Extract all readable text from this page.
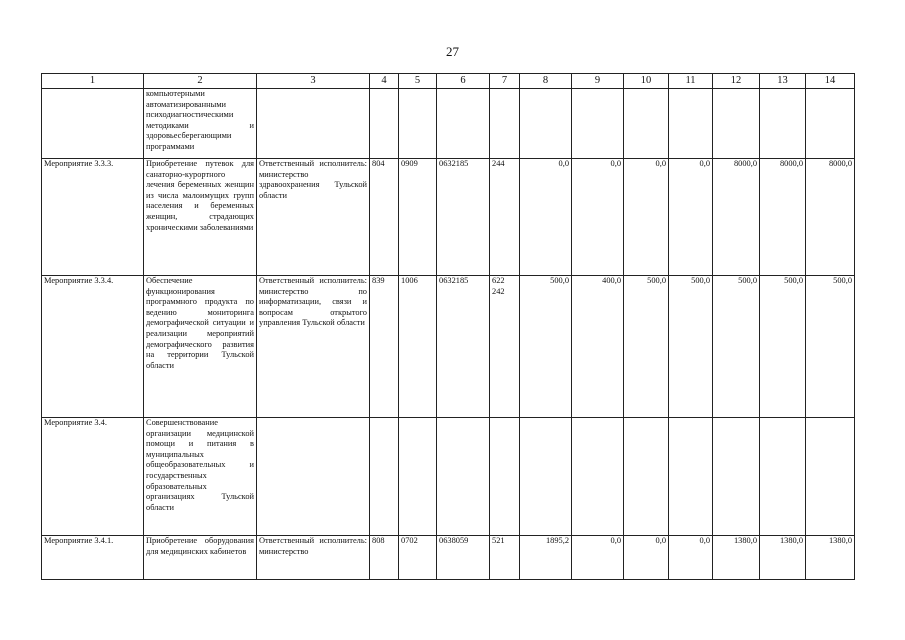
27
1	2	3	4	5	6	7	8	9	10	11	12	13	14
	компьютерными автоматизированными психодиагностическими методиками и здоровьесберегающими программами												
Мероприятие 3.3.3.	Приобретение путевок для санаторно-курортного лечения беременных женщин из числа малоимущих групп населения и беременных женщин, страдающих хроническими заболеваниями	Ответственный исполнитель: министерство здравоохранения Тульской области	804	0909	0632185	244	0,0	0,0	0,0	0,0	8000,0	8000,0	8000,0
Мероприятие 3.3.4.	Обеспечение функционирования программного продукта по ведению мониторинга демографической ситуации и реализации мероприятий демографического развития на территории Тульской области	Ответственный исполнитель: министерство по информатизации, связи и вопросам открытого управления Тульской области	839	1006	0632185	622
242	500,0	400,0	500,0	500,0	500,0	500,0	500,0
Мероприятие 3.4.	Совершенствование организации медицинской помощи и питания в муниципальных общеобразовательных и государственных образовательных организациях Тульской области												
Мероприятие 3.4.1.	Приобретение оборудования для медицинских кабинетов	Ответственный исполнитель: министерство	808	0702	0638059	521	1895,2	0,0	0,0	0,0	1380,0	1380,0	1380,0
